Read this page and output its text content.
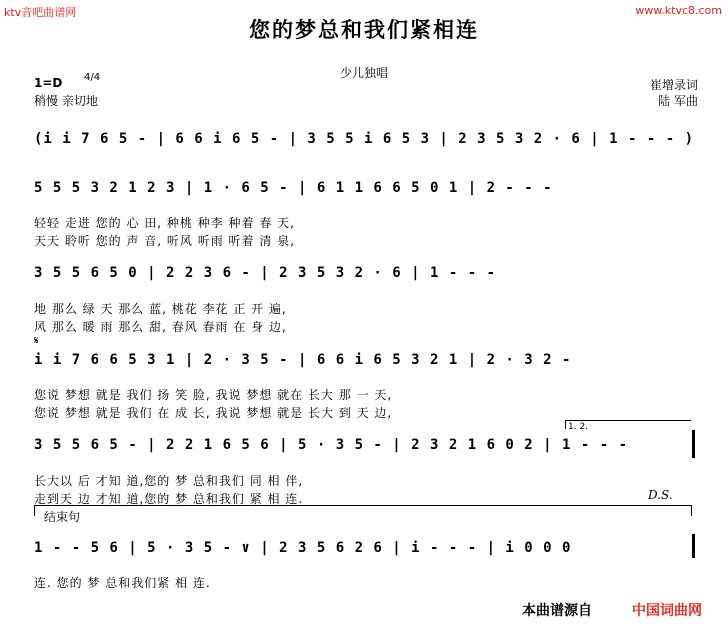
ktv音吧曲谱网	www.ktvc8.com
您的梦总和我们紧相连
少儿独唱
1=D 4/4
稍慢 亲切地
崔增录词
陆 军曲
(i i 7 6 5 - | 6 6 i 6 5 - | 3 5 5 i 6 5 3 | 2 3 5 3 2 · 6 | 1 - - - )
5 5 5 3 2 1 2 3 | 1 · 6 5 - | 6 1 1 6 6 5 0 1 | 2 - - -
轻轻 走进 您的 心 田, 种桃 种李 种着 春 天,
天天 聆听 您的 声 音, 听风 听雨 听着 清 泉,
3 5 5 6 5 0 | 2 2 3 6 - | 2 3 5 3 2 · 6 | 1 - - -
地 那么 绿 天 那么 蓝, 桃花 李花 正 开 遍,
风 那么 暖 雨 那么 甜, 春风 春雨 在 身 边,
𝄋
i i 7 6 6 5 3 1 | 2 · 3 5 - | 6 6 i 6 5 3 2 1 | 2 · 3 2 -
您说 梦想 就是 我们 扬 笑 脸, 我说 梦想 就在 长大 那 一 天,
您说 梦想 就是 我们 在 成 长, 我说 梦想 就是 长大 到 天 边,
1. 2.
3 5 5 6 5 - | 2 2 1 6 5 6 | 5 · 3 5 - | 2 3 2 1 6 0 2 | 1 - - -
长大以 后 才知 道,您的 梦 总和我们 同 相 伴,
走到天 边 才知 道,您的 梦 总和我们 紧 相 连.	D.S.
结束句
1 - - 5 6 | 5 · 3 5 - ∨ | 2 3 5 6 2 6 | i - - - | i 0 0 0
连. 您的 梦 总和我们紧 相 连.
本曲谱源自	中国词曲网
